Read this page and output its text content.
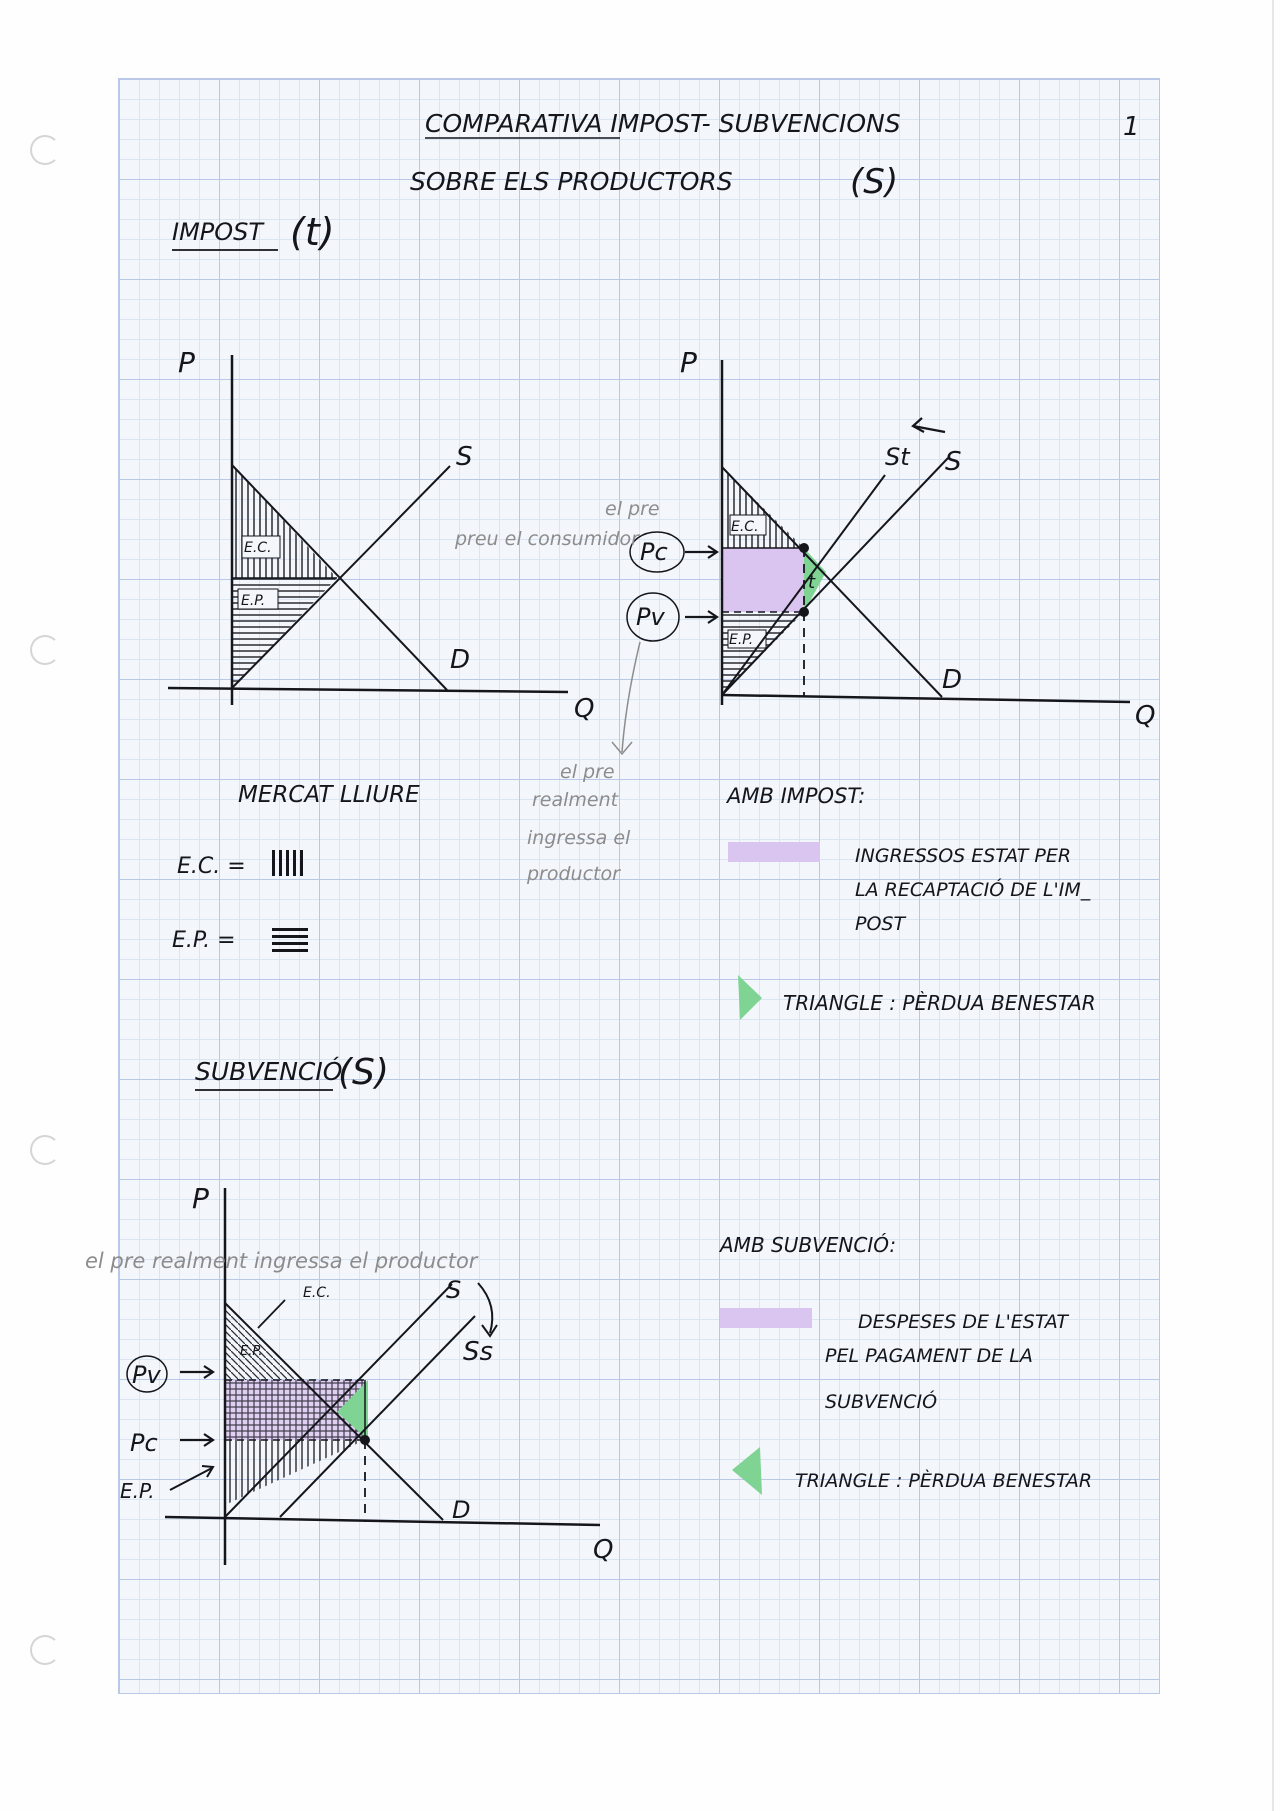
COMPARATIVA IMPOST- SUBVENCIONS
SOBRE ELS PRODUCTORS	(S)
1
IMPOST (t)
P
Q
S
D
E.C.
E.P.
P
Q
St S
D
E.C.
E.P.
t
Pc
Pv
preu el consumidor
el pre
el pre
realment
ingressa el
productor
MERCAT LLIURE
E.C. =
E.P. =
AMB IMPOST:
INGRESSOS ESTAT PER
LA RECAPTACIÓ DE L'IM_
POST
TRIANGLE : PÈRDUA BENESTAR
SUBVENCIÓ
(S)
P
Q
S
Ss
D
E.C.
E.P.
Pv
Pc
E.P.
el pre realment ingressa el productor
AMB SUBVENCIÓ:
DESPESES DE L'ESTAT
PEL PAGAMENT DE LA
SUBVENCIÓ
TRIANGLE : PÈRDUA BENESTAR
